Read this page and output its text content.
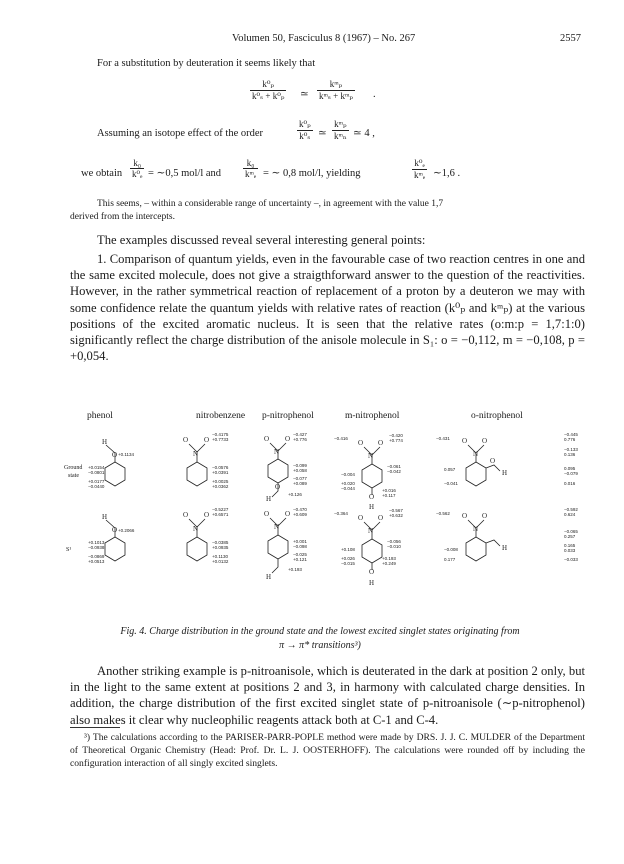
Volumen 50, Fasciculus 8 (1967) – No. 267	2557
For a substitution by deuteration it seems likely that
$\frac{\text{k⁰ₚ}}{\text{k⁰ₛ + k⁰ₚ}}$ ≃
kᵐₚ
kᵐₛ + kᵐₚ .
Assuming an isotope effect of the order	$\frac{\text{k⁰ₚ}}{\text{k⁰ₛ}}$ ≃
kᵐₚ
kᵐₙ ≃ 4 ,
we obtain $\frac{\text{k₀}}{\text{k⁰ₑ}}$ = ∼0,5 mol/l and
k₀
kᵐₑ = ∼ 0,8 mol/l, yielding
k⁰ₑ
kᵐₑ ∼1,6 .
This seems, – within a considerable range of uncertainty –, in agreement with the value 1,7
derived from the intercepts.
The examples discussed reveal several interesting general points:
1. Comparison of quantum yields, even in the favourable case of two reaction centres in one and the same excited molecule, does not give a straigthforward answer to the question of the reactivities. However, in the rather symmetrical reaction of replacement of a proton by a deuteron we may with some confidence relate the quantum yields with relative rates of reaction (k⁰ₚ and kᵐₚ) at the various positions of the excited aromatic nucleus. It is seen that the relative rates (o:m:p = 1,7:1:0) significantly reflect the charge distribution of the anisole molecule in S₁: o = −0,112, m = −0,108, p = +0,054.
phenol	nitrobenzene p-nitrophenol	m-nitrophenol	o-nitrophenol
Ground
state
S¹
H
O
O O
N
O O
N
O
H
O O
N
O
H
O O
N
O
H
H
O
O O
N
O O
N
H
O O
N
O
H
O O
N
H
+0.1134
+0.0154
−0.0801
+0.0177
−0.0440
−0.4175
+0.7733
−0.0576
+0.0391
+0.0025
+0.0362
−0.427
+0.776
−0.099
+0.058
−0.077
+0.089
+0.126
−0.416
−0.420
+0.774
−0.061
−0.042
−0.004
+0.020
−0.044	+0.016
+0.117
−0.431
−0.445
0.776
−0.133
0.136
0.057
−0.041
0.095
−0.079
0.016
+0.2066
+0.1013
−0.0938
−0.0869
+0.0513
−0.5227
+0.6571
−0.0385
+0.0935
+0.1130
+0.0132
−0.470
+0.609
+0.001
−0.098
−0.025
+0.121
+0.193
−0.364
−0.567
+0.632
+0.108
−0.056
−0.010
+0.026
−0.015
+0.193
+0.249
−0.562
−0.592
0.624
−0.065
0.257
0.165
0.033
−0.008
0.177	−0.033
Fig. 4. Charge distribution in the ground state and the lowest excited singlet states originating from
π → π* transitions³)
Another striking example is p-nitroanisole, which is deuterated in the dark at position 2 only, but in the light to the same extent at positions 2 and 3, in harmony with calculated charge densities. In addition, the charge distribution of the first excited singlet state of p-nitroanisole (∼p-nitrophenol) also makes it clear why nucleophilic reagents attack both at C-1 and C-4.
³) The calculations according to the PARISER-PARR-POPLE method were made by DRS. J. J. C. MULDER of the Department of Theoretical Organic Chemistry (Head: Prof. Dr. L. J. OOSTERHOFF). The calculations were rounded off by including the configuration interaction of all singly excited singlets.
